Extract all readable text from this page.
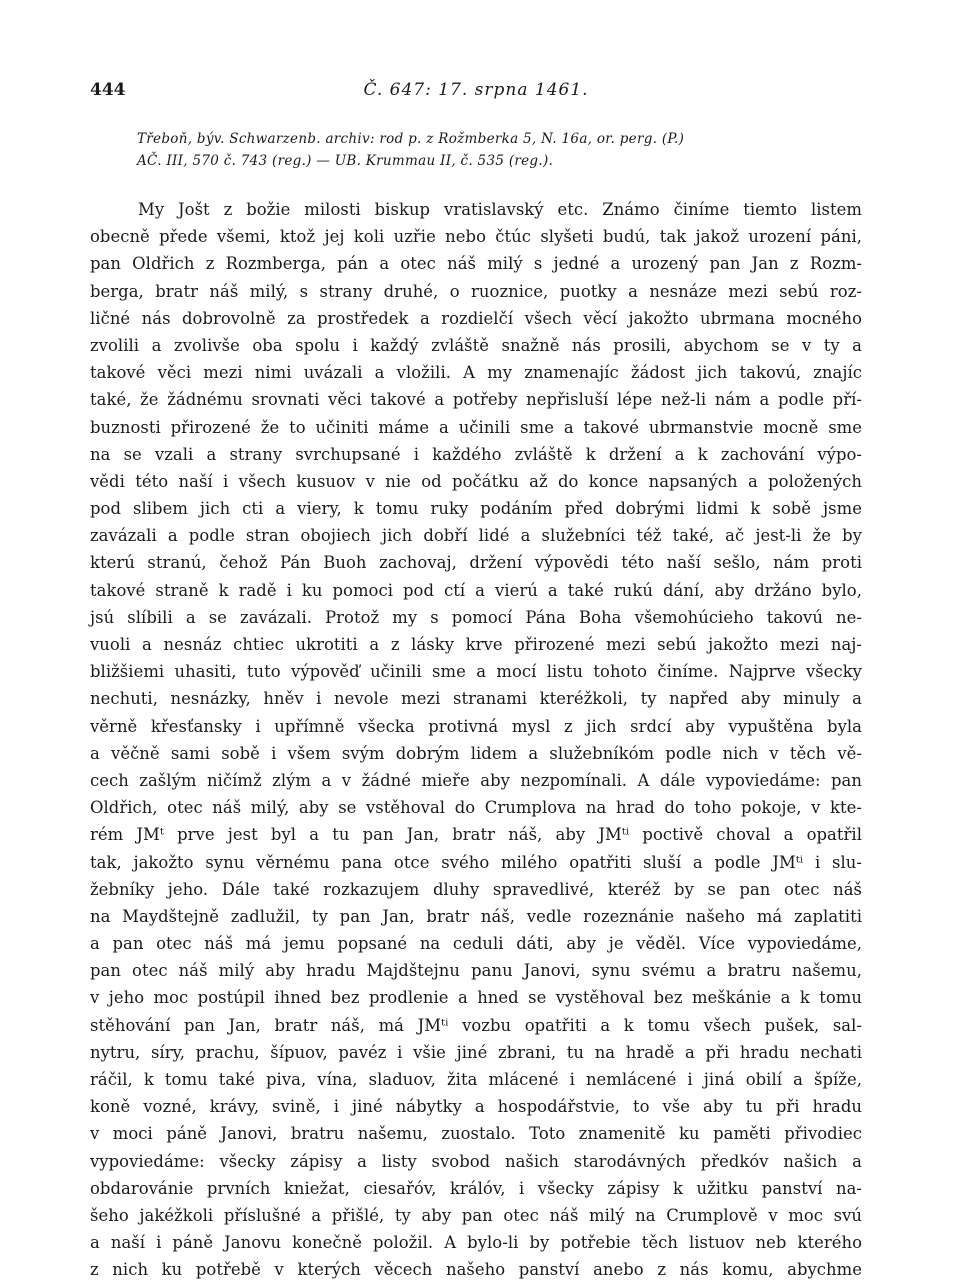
444	Č. 647: 17. srpna 1461.
Třeboň, býv. Schwarzenb. archiv: rod p. z Rožmberka 5, N. 16a, or. perg. (P.)
AČ. III, 570 č. 743 (reg.) — UB. Krummau II, č. 535 (reg.).
My Jošt z božie milosti biskup vratislavský etc. Známo činíme tiemto listem
obecně přede všemi, ktož jej koli uzřie nebo čtúc slyšeti budú, tak jakož urození páni,
pan Oldřich z Rozmberga, pán a otec náš milý s jedné a urozený pan Jan z Rozm-
berga, bratr náš milý, s strany druhé, o ruoznice, puotky a nesnáze mezi sebú roz-
ličné nás dobrovolně za prostředek a rozdielčí všech věcí jakožto ubrmana mocného
zvolili a zvolivše oba spolu i každý zvláště snažně nás prosili, abychom se v ty a
takové věci mezi nimi uvázali a vložili. A my znamenajíc žádost jich takovú, znajíc
také, že žádnému srovnati věci takové a potřeby nepřisluší lépe než-li nám a podle pří-
buznosti přirozené že to učiniti máme a učinili sme a takové ubrmanstvie mocně sme
na se vzali a strany svrchupsané i každého zvláště k držení a k zachování výpo-
vědi této naší i všech kusuov v nie od počátku až do konce napsaných a položených
pod slibem jich cti a viery, k tomu ruky podáním před dobrými lidmi k sobě jsme
zavázali a podle stran obojiech jich dobří lidé a služebníci též také, ač jest-li že by
kterú stranú, čehož Pán Buoh zachovaj, držení výpovědi této naší sešlo, nám proti
takové straně k radě i ku pomoci pod ctí a vierú a také rukú dání, aby držáno bylo,
jsú slíbili a se zavázali. Protož my s pomocí Pána Boha všemohúcieho takovú ne-
vuoli a nesnáz chtiec ukrotiti a z lásky krve přirozené mezi sebú jakožto mezi naj-
bližšiemi uhasiti, tuto výpověď učinili sme a mocí listu tohoto činíme. Najprve všecky
nechuti, nesnázky, hněv i nevole mezi stranami kteréžkoli, ty napřed aby minuly a
věrně křesťansky i upřímně všecka protivná mysl z jich srdcí aby vypuštěna byla
a věčně sami sobě i všem svým dobrým lidem a služebníkóm podle nich v těch vě-
cech zašlým ničímž zlým a v žádné mieře aby nezpomínali. A dále vypoviedáme: pan
Oldřich, otec náš milý, aby se vstěhoval do Crumplova na hrad do toho pokoje, v kte-
rém JMᵗ prve jest byl a tu pan Jan, bratr náš, aby JMᵗⁱ poctivě choval a opatřil
tak, jakožto synu věrnému pana otce svého milého opatřiti sluší a podle JMᵗⁱ i slu-
žebníky jeho. Dále také rozkazujem dluhy spravedlivé, kteréž by se pan otec náš
na Maydštejně zadlužil, ty pan Jan, bratr náš, vedle rozeznánie našeho má zaplatiti
a pan otec náš má jemu popsané na ceduli dáti, aby je věděl. Více vypoviedáme,
pan otec náš milý aby hradu Majdštejnu panu Janovi, synu svému a bratru našemu,
v jeho moc postúpil ihned bez prodlenie a hned se vystěhoval bez meškánie a k tomu
stěhování pan Jan, bratr náš, má JMᵗⁱ vozbu opatřiti a k tomu všech pušek, sal-
nytru, síry, prachu, šípuov, pavéz i všie jiné zbrani, tu na hradě a při hradu nechati
ráčil, k tomu také piva, vína, sladuov, žita mlácené i nemlácené i jiná obilí a špíže,
koně vozné, krávy, svině, i jiné nábytky a hospodářstvie, to vše aby tu při hradu
v moci páně Janovi, bratru našemu, zuostalo. Toto znamenitě ku paměti přivodiec
vypoviedáme: všecky zápisy a listy svobod našich starodávných předkóv našich a
obdarovánie prvních kniežat, ciesařóv, králóv, i všecky zápisy k užitku panství na-
šeho jakéžkoli příslušné a přišlé, ty aby pan otec náš milý na Crumplově v moc svú
a naší i páně Janovu konečně položil. A bylo-li by potřebie těch listuov neb kterého
z nich ku potřebě v kterých věcech našeho panství anebo z nás komu, abychme
